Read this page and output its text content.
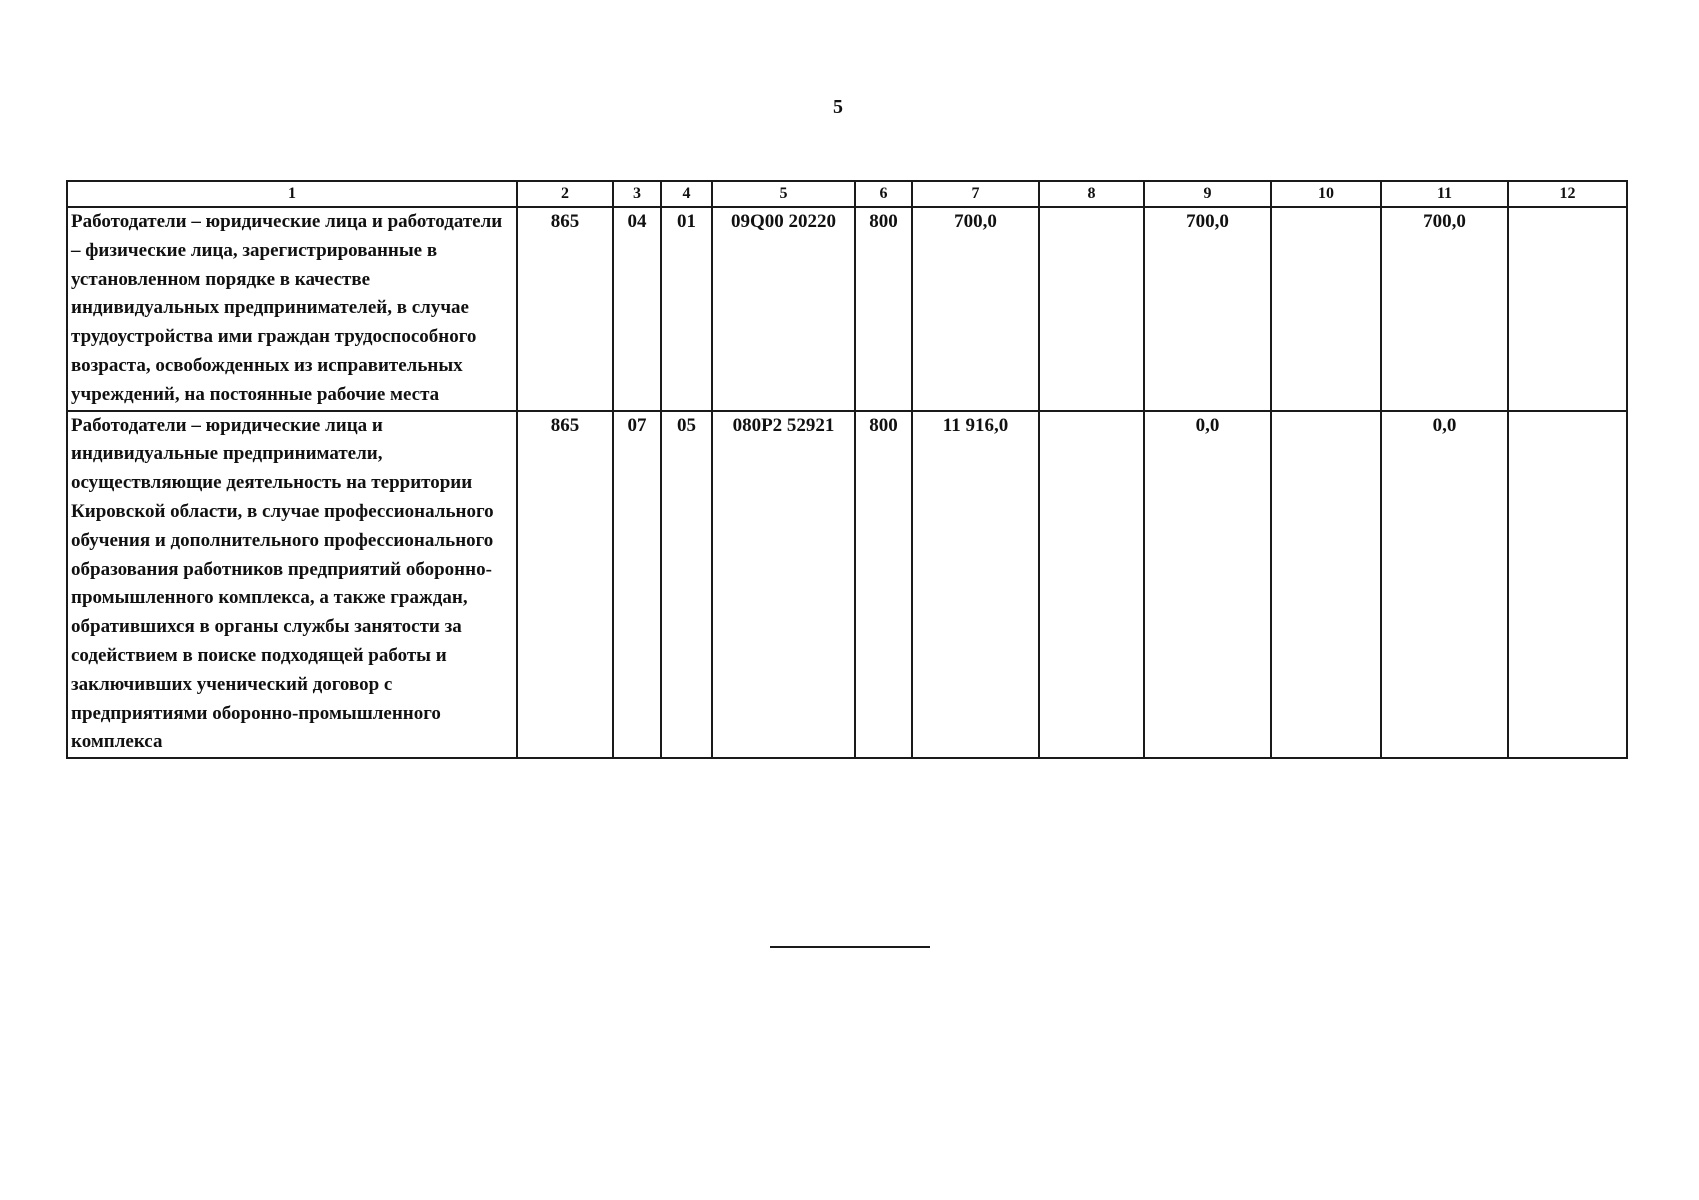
5
1	2	3	4	5	6	7	8	9	10	11	12
Работодатели – юридические лица и работодатели – физические лица, зарегистрированные в установленном порядке в качестве индивидуальных предпринимателей, в случае трудоустройства ими граждан трудоспособного возраста, освобожденных из исправительных учреждений, на постоянные рабочие места	865	04	01	09Q00 20220	800	700,0		700,0		700,0	
Работодатели – юридические лица и индивидуальные предприниматели, осуществляющие деятельность на территории Кировской области, в случае профессионального обучения и дополнительного профессионального образования работников предприятий оборонно-промышленного комплекса, а также граждан, обратившихся в органы службы занятости за содействием в поиске подходящей работы и заключивших ученический договор с предприятиями оборонно-промышленного комплекса	865	07	05	080P2 52921	800	11 916,0		0,0		0,0	
